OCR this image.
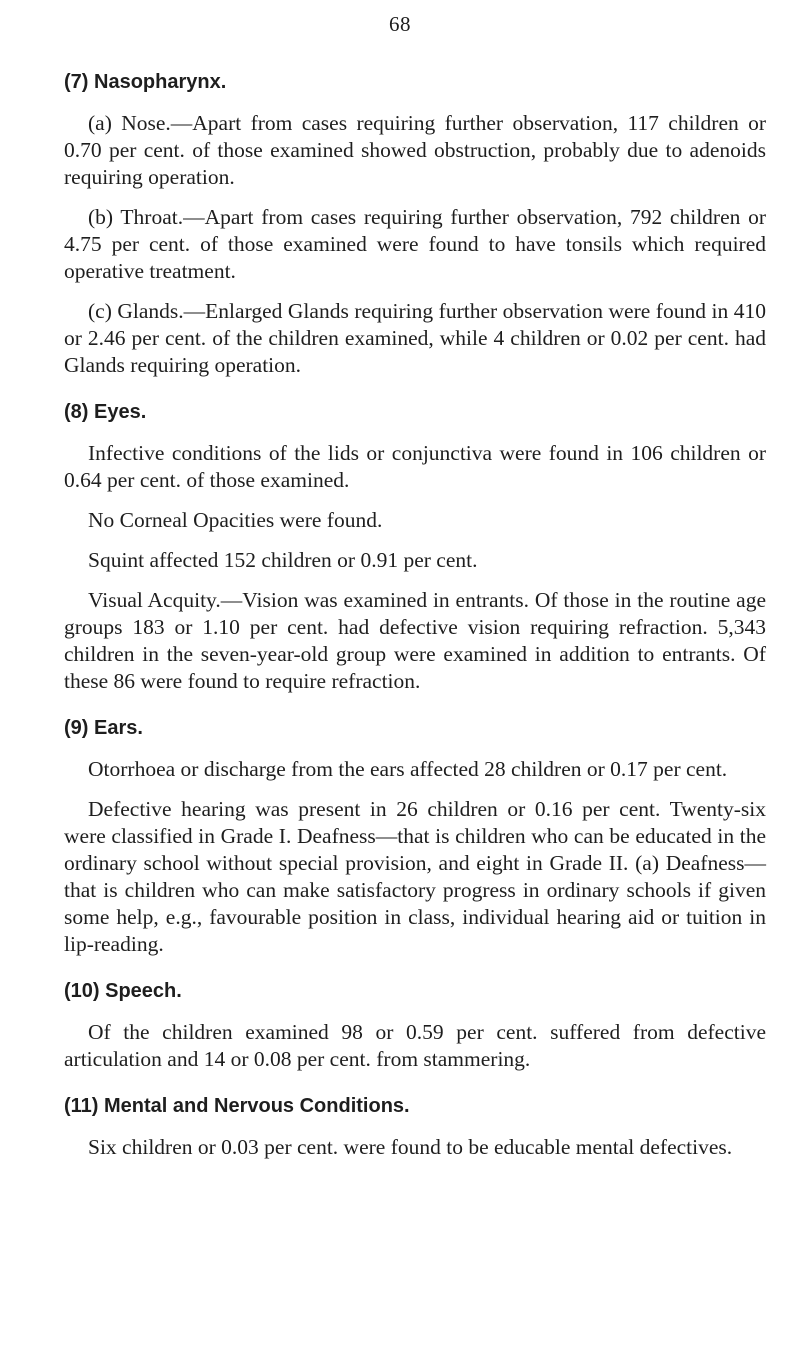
68
(7) Nasopharynx.

(a) Nose.—Apart from cases requiring further observation, 117 children or 0.70 per cent. of those examined showed obstruction, probably due to adenoids requiring operation.

(b) Throat.—Apart from cases requiring further observation, 792 children or 4.75 per cent. of those examined were found to have tonsils which required operative treatment.

(c) Glands.—Enlarged Glands requiring further observation were found in 410 or 2.46 per cent. of the children examined, while 4 children or 0.02 per cent. had Glands requiring operation.

(8) Eyes.

Infective conditions of the lids or conjunctiva were found in 106 children or 0.64 per cent. of those examined.

No Corneal Opacities were found.

Squint affected 152 children or 0.91 per cent.

Visual Acquity.—Vision was examined in entrants. Of those in the routine age groups 183 or 1.10 per cent. had defective vision requiring refraction. 5,343 children in the seven-year-old group were examined in addition to entrants. Of these 86 were found to require refraction.

(9) Ears.

Otorrhoea or discharge from the ears affected 28 children or 0.17 per cent.

Defective hearing was present in 26 children or 0.16 per cent. Twenty-six were classified in Grade I. Deafness—that is children who can be educated in the ordinary school without special provision, and eight in Grade II. (a) Deafness—that is children who can make satisfactory progress in ordinary schools if given some help, e.g., favourable position in class, individual hearing aid or tuition in lip-reading.

(10) Speech.

Of the children examined 98 or 0.59 per cent. suffered from defective articulation and 14 or 0.08 per cent. from stammering.

(11) Mental and Nervous Conditions.

Six children or 0.03 per cent. were found to be educable mental defectives.
